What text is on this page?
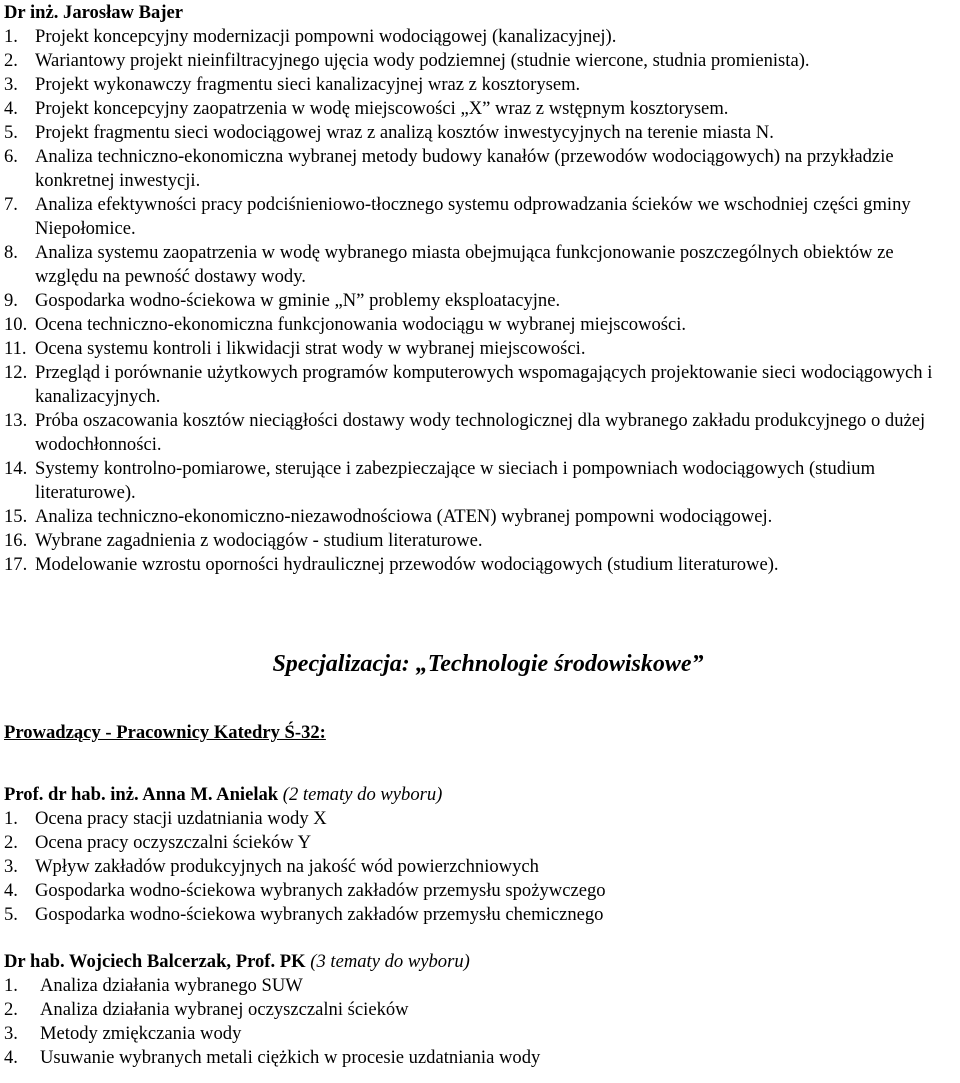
Dr inż. Jarosław Bajer
1. Projekt koncepcyjny modernizacji pompowni wodociągowej (kanalizacyjnej).
2. Wariantowy projekt nieinfiltracyjnego ujęcia wody podziemnej (studnie wiercone, studnia promienista).
3. Projekt wykonawczy fragmentu sieci kanalizacyjnej wraz z kosztorysem.
4. Projekt koncepcyjny zaopatrzenia w wodę miejscowości „X” wraz z wstępnym kosztorysem.
5. Projekt fragmentu sieci wodociągowej wraz z analizą kosztów inwestycyjnych na terenie miasta N.
6. Analiza techniczno-ekonomiczna wybranej metody budowy kanałów (przewodów wodociągowych) na przykładzie konkretnej inwestycji.
7. Analiza efektywności pracy podciśnieniowo-tłocznego systemu odprowadzania ścieków we wschodniej części gminy Niepołomice.
8. Analiza systemu zaopatrzenia w wodę wybranego miasta obejmująca funkcjonowanie poszczególnych obiektów ze względu na pewność dostawy wody.
9. Gospodarka wodno-ściekowa w gminie „N” problemy eksploatacyjne.
10. Ocena techniczno-ekonomiczna funkcjonowania wodociągu w wybranej miejscowości.
11. Ocena systemu kontroli i likwidacji strat wody w wybranej miejscowości.
12. Przegląd i porównanie użytkowych programów komputerowych wspomagających projektowanie sieci wodociągowych i kanalizacyjnych.
13. Próba oszacowania kosztów nieciągłości dostawy wody technologicznej dla wybranego zakładu produkcyjnego o dużej wodochłonności.
14. Systemy kontrolno-pomiarowe, sterujące i zabezpieczające w sieciach i pompowniach wodociągowych (studium literaturowe).
15. Analiza techniczno-ekonomiczno-niezawodnościowa (ATEN) wybranej pompowni wodociągowej.
16. Wybrane zagadnienia z wodociągów - studium literaturowe.
17. Modelowanie wzrostu oporności hydraulicznej przewodów wodociągowych (studium literaturowe).
Specjalizacja: „Technologie środowiskowe”
Prowadzący - Pracownicy Katedry Ś-32:
Prof. dr hab. inż. Anna M. Anielak (2 tematy do wyboru)
1. Ocena pracy stacji uzdatniania wody X
2. Ocena pracy oczyszczalni ścieków Y
3. Wpływ zakładów produkcyjnych na jakość wód powierzchniowych
4. Gospodarka wodno-ściekowa wybranych zakładów przemysłu spożywczego
5. Gospodarka wodno-ściekowa wybranych zakładów przemysłu chemicznego
Dr hab. Wojciech Balcerzak, Prof. PK (3 tematy do wyboru)
1. Analiza działania wybranego SUW
2. Analiza działania wybranej oczyszczalni ścieków
3. Metody zmiękczania wody
4. Usuwanie wybranych metali ciężkich w procesie uzdatniania wody
